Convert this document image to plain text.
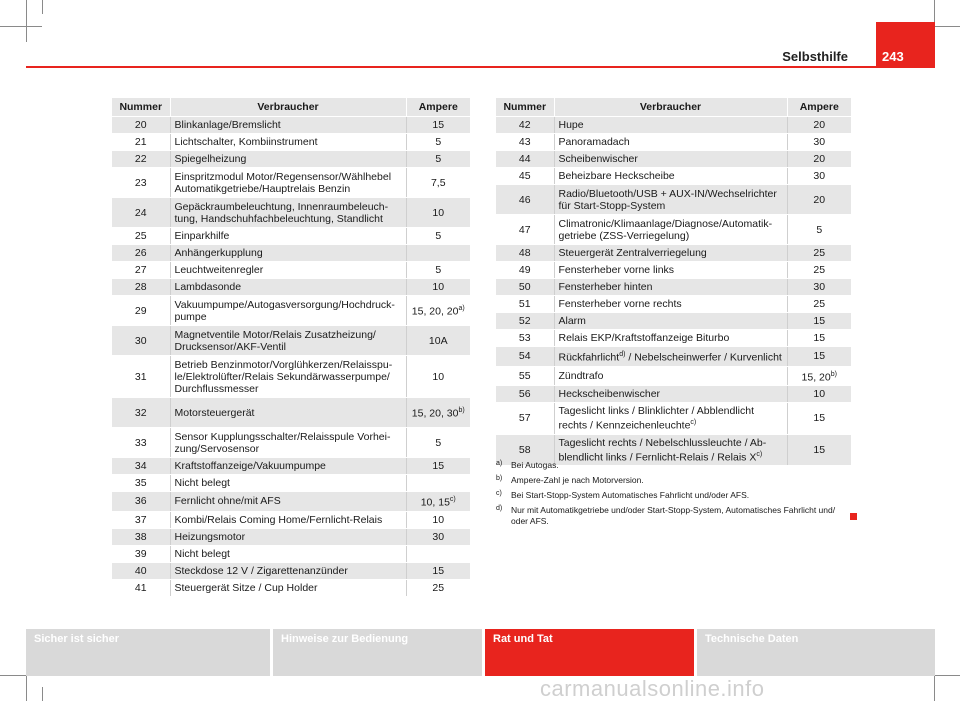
Selbsthilfe	243
Nummer	Verbraucher	Ampere
20	Blinkanlage/Bremslicht	15
21	Lichtschalter, Kombiinstrument	5
22	Spiegelheizung	5
23	Einspritzmodul Motor/Regensensor/Wählhebel Automatikgetriebe/Hauptrelais Benzin	7,5
24	Gepäckraumbeleuchtung, Innenraumbeleuch-tung, Handschuhfachbeleuchtung, Standlicht	10
25	Einparkhilfe	5
26	Anhängerkupplung	
27	Leuchtweitenregler	5
28	Lambdasonde	10
29	Vakuumpumpe/Autogasversorgung/Hochdruck-pumpe	15, 20, 20$^{a)}$
30	Magnetventile Motor/Relais Zusatzheizung/ Drucksensor/AKF-Ventil	10A
31	Betrieb Benzinmotor/Vorglühkerzen/Relaisspu-le/Elektrolüfter/Relais Sekundärwasserpumpe/ Durchflussmesser	10
32	Motorsteuergerät	15, 20, 30$^{b)}$
33	Sensor Kupplungsschalter/Relaisspule Vorhei-zung/Servosensor	5
34	Kraftstoffanzeige/Vakuumpumpe	15
35	Nicht belegt	
36	Fernlicht ohne/mit AFS	10, 15$^{c)}$
37	Kombi/Relais Coming Home/Fernlicht-Relais	10
38	Heizungsmotor	30
39	Nicht belegt	
40	Steckdose 12 V / Zigarettenanzünder	15
41	Steuergerät Sitze / Cup Holder	25
Nummer	Verbraucher	Ampere
42	Hupe	20
43	Panoramadach	30
44	Scheibenwischer	20
45	Beheizbare Heckscheibe	30
46	Radio/Bluetooth/USB + AUX-IN/Wechselrichter für Start-Stopp-System	20
47	Climatronic/Klimaanlage/Diagnose/Automatik-getriebe (ZSS-Verriegelung)	5
48	Steuergerät Zentralverriegelung	25
49	Fensterheber vorne links	25
50	Fensterheber hinten	30
51	Fensterheber vorne rechts	25
52	Alarm	15
53	Relais EKP/Kraftstoffanzeige Biturbo	15
54	Rückfahrlicht$^{d)}$ / Nebelscheinwerfer / Kurvenlicht	15
55	Zündtrafo	15, 20$^{b)}$
56	Heckscheibenwischer	10
57	Tageslicht links / Blinklichter / Abblendlicht rechts / Kennzeichenleuchte$^{c)}$	15
58	Tageslicht rechts / Nebelschlussleuchte / Ab-blendlicht links / Fernlicht-Relais / Relais $X^{c)}$	15
a)	Bei Autogas.
b)	Ampere-Zahl je nach Motorversion.
c)	Bei Start-Stopp-System Automatisches Fahrlicht und/oder AFS.
d)	Nur mit Automatikgetriebe und/oder Start-Stopp-System, Automatisches Fahrlicht und/ oder AFS.
Sicher ist sicher	Hinweise zur Bedienung	Rat und Tat	Technische Daten
carmanualsonline.info
